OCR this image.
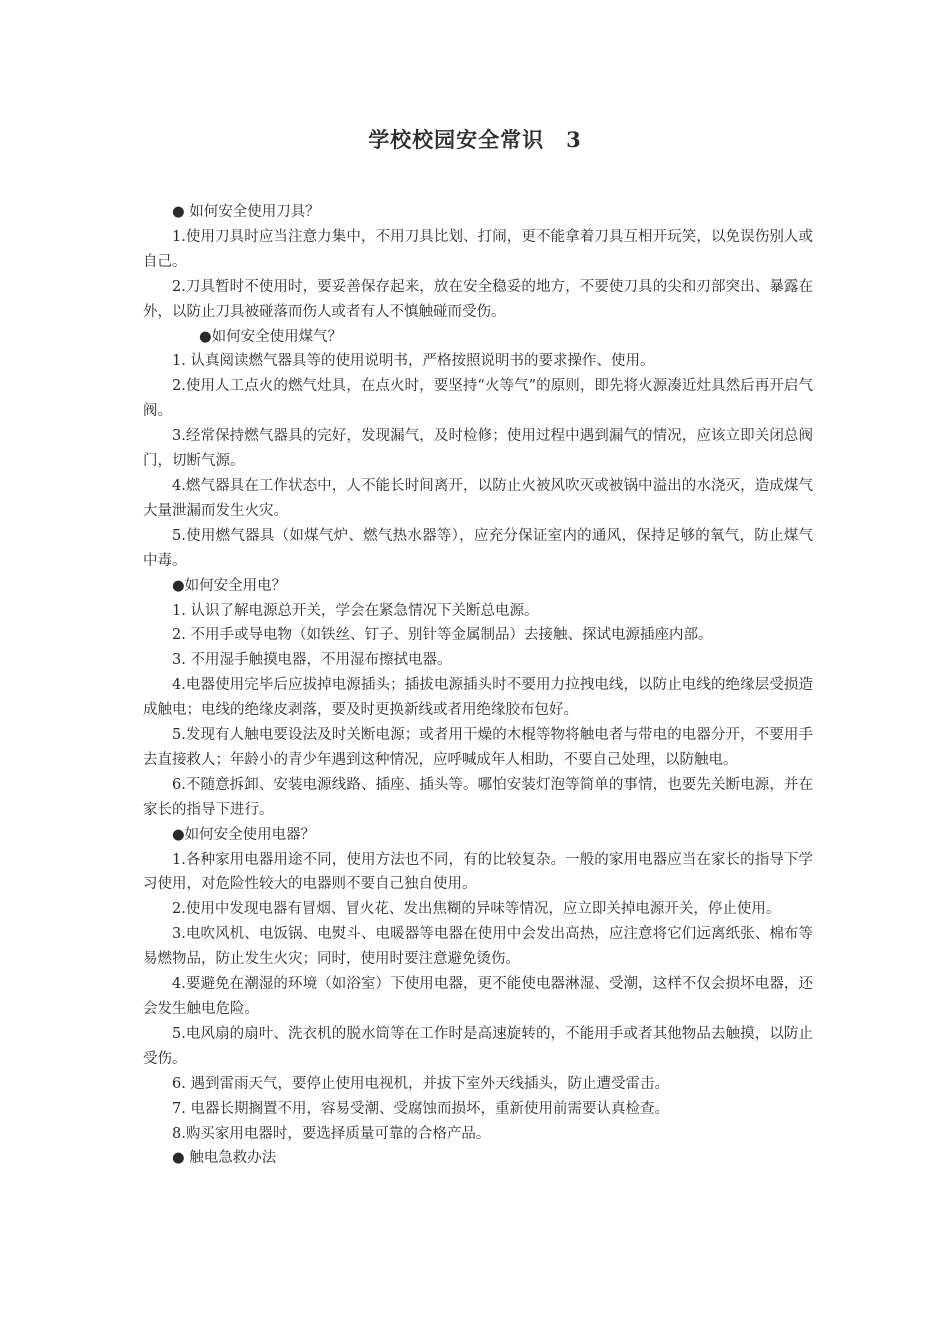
学校校园安全常识　3

● 如何安全使用刀具？

1.使用刀具时应当注意力集中，不用刀具比划、打闹，更不能拿着刀具互相开玩笑，以免误伤别人或自己。

2.刀具暂时不使用时，要妥善保存起来，放在安全稳妥的地方，不要使刀具的尖和刃部突出、暴露在外，以防止刀具被碰落而伤人或者有人不慎触碰而受伤。

●如何安全使用煤气？

1. 认真阅读燃气器具等的使用说明书，严格按照说明书的要求操作、使用。

2.使用人工点火的燃气灶具，在点火时，要坚持“火等气”的原则，即先将火源凑近灶具然后再开启气阀。

3.经常保持燃气器具的完好，发现漏气，及时检修；使用过程中遇到漏气的情况，应该立即关闭总阀门，切断气源。

4.燃气器具在工作状态中，人不能长时间离开，以防止火被风吹灭或被锅中溢出的水浇灭，造成煤气大量泄漏而发生火灾。

5.使用燃气器具（如煤气炉、燃气热水器等），应充分保证室内的通风，保持足够的氧气，防止煤气中毒。

●如何安全用电？

1. 认识了解电源总开关，学会在紧急情况下关断总电源。

2. 不用手或导电物（如铁丝、钉子、别针等金属制品）去接触、探试电源插座内部。

3. 不用湿手触摸电器，不用湿布擦拭电器。

4.电器使用完毕后应拔掉电源插头；插拔电源插头时不要用力拉拽电线，以防止电线的绝缘层受损造成触电；电线的绝缘皮剥落，要及时更换新线或者用绝缘胶布包好。

5.发现有人触电要设法及时关断电源；或者用干燥的木棍等物将触电者与带电的电器分开，不要用手去直接救人；年龄小的青少年遇到这种情况，应呼喊成年人相助，不要自己处理，以防触电。

6.不随意拆卸、安装电源线路、插座、插头等。哪怕安装灯泡等简单的事情，也要先关断电源，并在家长的指导下进行。

●如何安全使用电器？

1.各种家用电器用途不同，使用方法也不同，有的比较复杂。一般的家用电器应当在家长的指导下学习使用，对危险性较大的电器则不要自己独自使用。

2.使用中发现电器有冒烟、冒火花、发出焦糊的异味等情况，应立即关掉电源开关，停止使用。

3.电吹风机、电饭锅、电熨斗、电暖器等电器在使用中会发出高热，应注意将它们远离纸张、棉布等易燃物品，防止发生火灾；同时，使用时要注意避免烫伤。

4.要避免在潮湿的环境（如浴室）下使用电器，更不能使电器淋湿、受潮，这样不仅会损坏电器，还会发生触电危险。

5.电风扇的扇叶、洗衣机的脱水筒等在工作时是高速旋转的，不能用手或者其他物品去触摸，以防止受伤。

6. 遇到雷雨天气，要停止使用电视机，并拔下室外天线插头，防止遭受雷击。

7. 电器长期搁置不用，容易受潮、受腐蚀而损坏，重新使用前需要认真检查。

8.购买家用电器时，要选择质量可靠的合格产品。

● 触电急救办法
